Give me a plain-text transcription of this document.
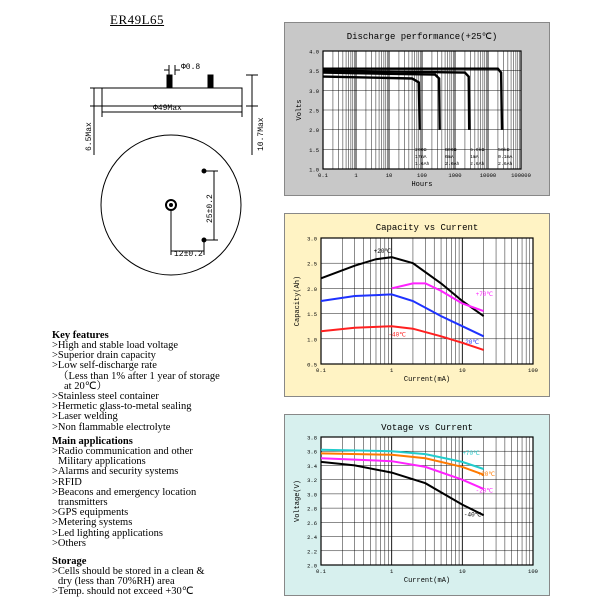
ER49L65
Φ0.8
Φ49Max
6.5Max	10.7Max
25±0.2
12±0.2
1.0
1.5
2.0
2.5
3.0
3.5
4.0
0.1	1	10	100	1000	10000	100000
Discharge performance(+25℃)
Hours
Volts
200Ω
17mA
1.6Ah
600Ω
6mA
2.0Ah
5.6kΩ
1mA
2.6Ah
56kΩ
0.1mA
2.6Ah
0.5
1.0
1.5
2.0
2.5
3.0
0.1	1	10	100
Capacity vs Current
Current(mA)
Capacity(Ah)
+20℃
+70℃
-20℃
-40℃
2.0
2.2
2.4
2.6
2.8
3.0
3.2
3.4
3.6
3.8
0.1	1	10	100
Votage vs Current
Current(mA)
Voltage(V)
+70℃
+20℃
-20℃
-40℃
Key features
>High and stable load voltage
>Superior drain capacity
>Low self-discharge rate
（Less than 1% after 1 year of storage
at 20℃）
>Stainless steel container
>Hermetic glass-to-metal sealing
>Laser welding
>Non flammable electrolyte
Main applications
>Radio communication and other
Military applications
>Alarms and security systems
>RFID
>Beacons and emergency location
transmitters
>GPS equipments
>Metering systems
>Led lighting applications
>Others
Storage
>Cells should be stored in a clean &
dry (less than 70%RH) area
>Temp. should not exceed +30℃
